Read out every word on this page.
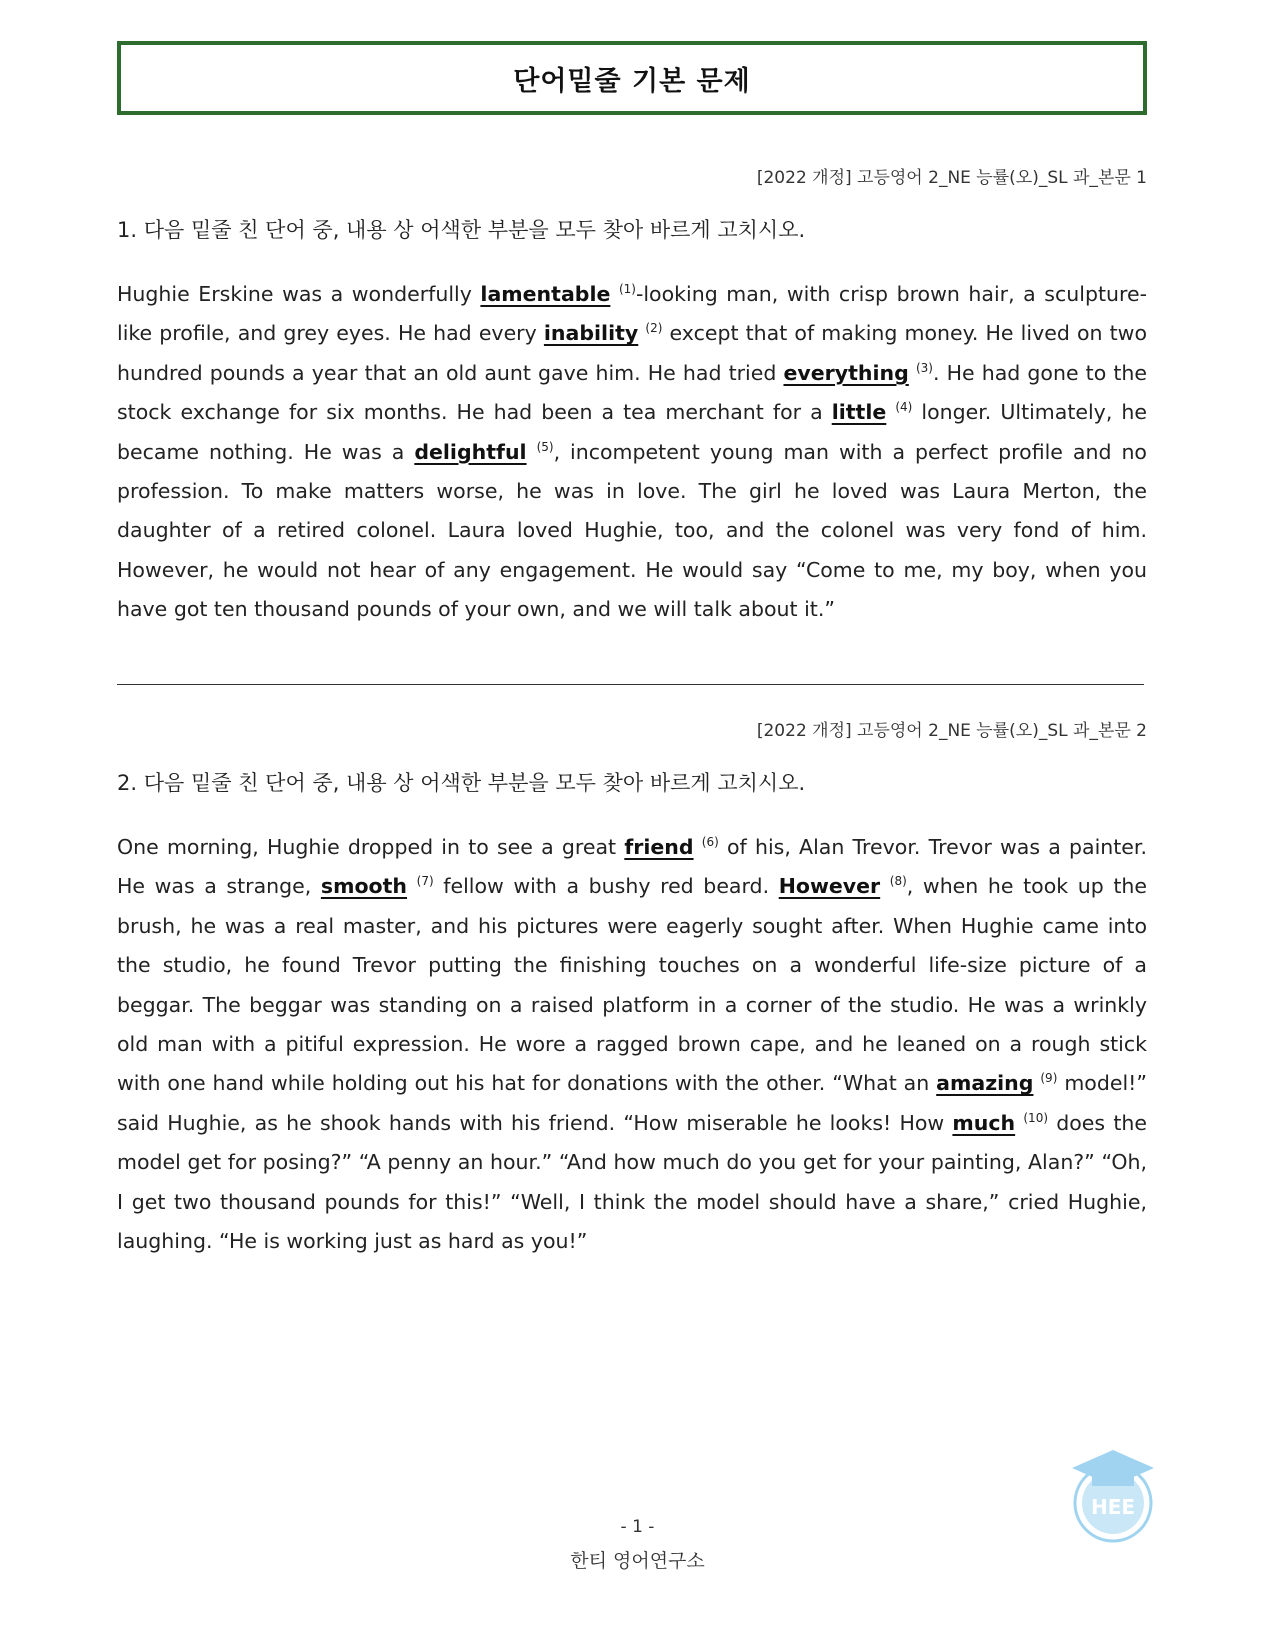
단어밑줄 기본 문제
[2022 개정] 고등영어 2_NE 능률(오)_SL 과_본문 1
1. 다음 밑줄 친 단어 중, 내용 상 어색한 부분을 모두 찾아 바르게 고치시오.

Hughie Erskine was a wonderfully lamentable $^{(1)}$-looking man, with crisp brown hair, a sculpture-like profile, and grey eyes. He had every inability $^{(2)}$ except that of making money. He lived on two hundred pounds a year that an old aunt gave him. He had tried everything $^{(3)}$. He had gone to the stock exchange for six months. He had been a tea merchant for a little $^{(4)}$ longer. Ultimately, he became nothing. He was a delightful $^{(5)}$, incompetent young man with a perfect profile and no profession. To make matters worse, he was in love. The girl he loved was Laura Merton, the daughter of a retired colonel. Laura loved Hughie, too, and the colonel was very fond of him. However, he would not hear of any engagement. He would say “Come to me, my boy, when you have got ten thousand pounds of your own, and we will talk about it.”

[2022 개정] 고등영어 2_NE 능률(오)_SL 과_본문 2
2. 다음 밑줄 친 단어 중, 내용 상 어색한 부분을 모두 찾아 바르게 고치시오.

One morning, Hughie dropped in to see a great friend $^{(6)}$ of his, Alan Trevor. Trevor was a painter. He was a strange, smooth $^{(7)}$ fellow with a bushy red beard. However $^{(8)}$, when he took up the brush, he was a real master, and his pictures were eagerly sought after. When Hughie came into the studio, he found Trevor putting the finishing touches on a wonderful life-size picture of a beggar. The beggar was standing on a raised platform in a corner of the studio. He was a wrinkly old man with a pitiful expression. He wore a ragged brown cape, and he leaned on a rough stick with one hand while holding out his hat for donations with the other. “What an amazing $^{(9)}$ model!” said Hughie, as he shook hands with his friend. “How miserable he looks! How much $^{(10)}$ does the model get for posing?” “A penny an hour.” “And how much do you get for your painting, Alan?” “Oh, I get two thousand pounds for this!” “Well, I think the model should have a share,” cried Hughie, laughing. “He is working just as hard as you!”

- 1 -
한티 영어연구소
HEE
